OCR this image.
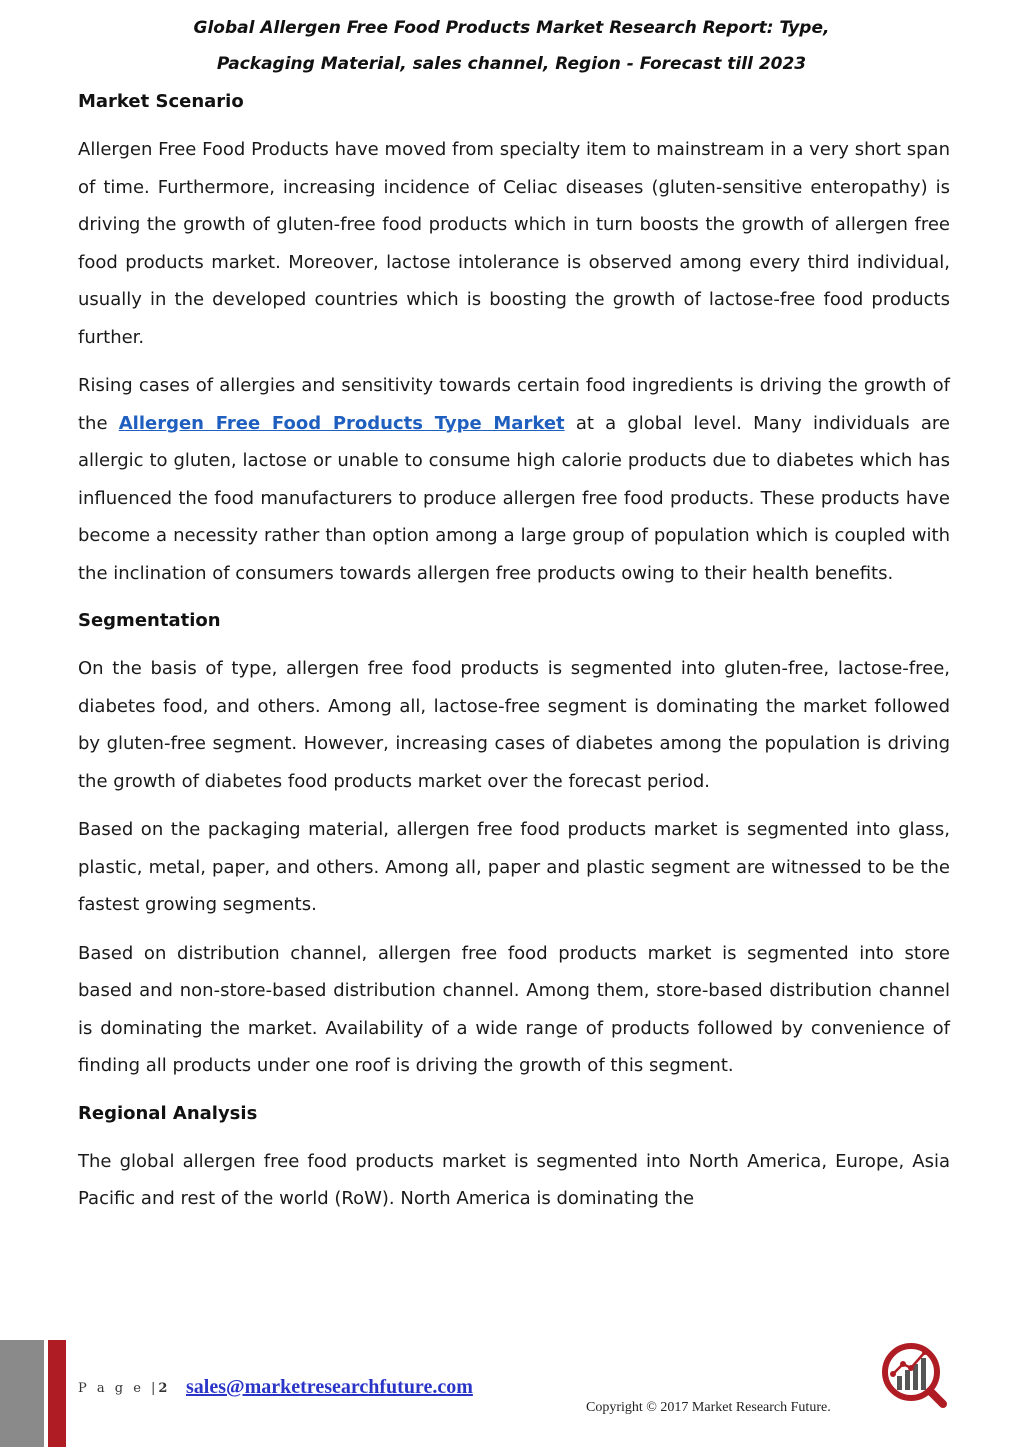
Global Allergen Free Food Products Market Research Report: Type,
Packaging Material, sales channel, Region - Forecast till 2023
Market Scenario
Allergen Free Food Products have moved from specialty item to mainstream in a very short span of time. Furthermore, increasing incidence of Celiac diseases (gluten-sensitive enteropathy) is driving the growth of gluten-free food products which in turn boosts the growth of allergen free food products market. Moreover, lactose intolerance is observed among every third individual, usually in the developed countries which is boosting the growth of lactose-free food products further.
Rising cases of allergies and sensitivity towards certain food ingredients is driving the growth of the Allergen Free Food Products Type Market at a global level. Many individuals are allergic to gluten, lactose or unable to consume high calorie products due to diabetes which has influenced the food manufacturers to produce allergen free food products. These products have become a necessity rather than option among a large group of population which is coupled with the inclination of consumers towards allergen free products owing to their health benefits.
Segmentation
On the basis of type, allergen free food products is segmented into gluten-free, lactose-free, diabetes food, and others. Among all, lactose-free segment is dominating the market followed by gluten-free segment. However, increasing cases of diabetes among the population is driving the growth of diabetes food products market over the forecast period.
Based on the packaging material, allergen free food products market is segmented into glass, plastic, metal, paper, and others. Among all, paper and plastic segment are witnessed to be the fastest growing segments.
Based on distribution channel, allergen free food products market is segmented into store based and non-store-based distribution channel. Among them, store-based distribution channel is dominating the market. Availability of a wide range of products followed by convenience of finding all products under one roof is driving the growth of this segment.
Regional Analysis
The global allergen free food products market is segmented into North America, Europe, Asia Pacific and rest of the world (RoW). North America is dominating the
P a g e |2 sales@marketresearchfuture.com
Copyright © 2017 Market Research Future.
